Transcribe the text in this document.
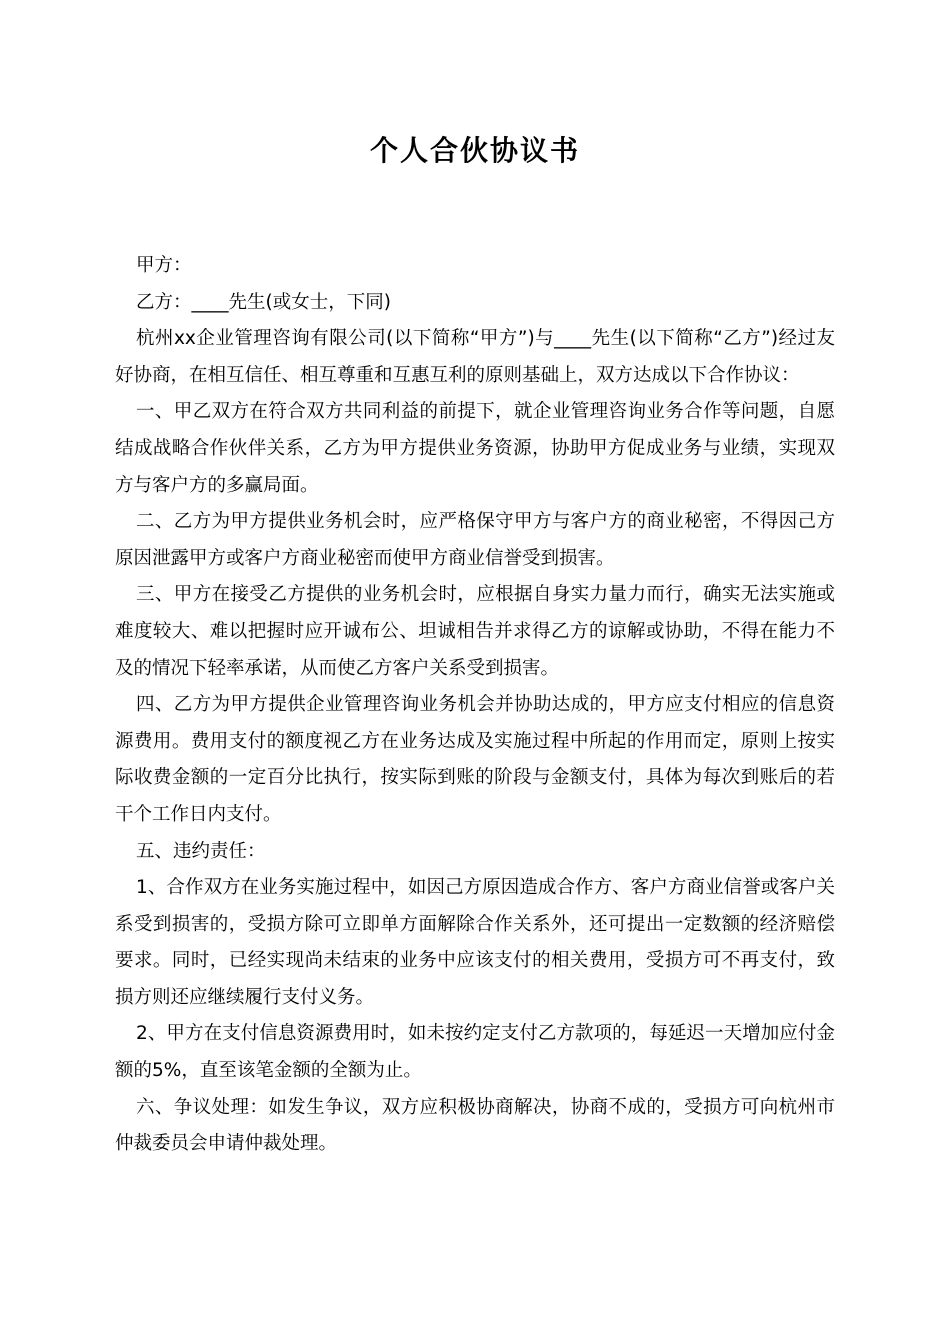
个人合伙协议书

甲方：

乙方：____先生(或女士，下同)

杭州xx企业管理咨询有限公司(以下简称“甲方”)与____先生(以下简称“乙方”)经过友好协商，在相互信任、相互尊重和互惠互利的原则基础上，双方达成以下合作协议：

一、甲乙双方在符合双方共同利益的前提下，就企业管理咨询业务合作等问题，自愿结成战略合作伙伴关系，乙方为甲方提供业务资源，协助甲方促成业务与业绩，实现双方与客户方的多赢局面。

二、乙方为甲方提供业务机会时，应严格保守甲方与客户方的商业秘密，不得因己方原因泄露甲方或客户方商业秘密而使甲方商业信誉受到损害。

三、甲方在接受乙方提供的业务机会时，应根据自身实力量力而行，确实无法实施或难度较大、难以把握时应开诚布公、坦诚相告并求得乙方的谅解或协助，不得在能力不及的情况下轻率承诺，从而使乙方客户关系受到损害。

四、乙方为甲方提供企业管理咨询业务机会并协助达成的，甲方应支付相应的信息资源费用。费用支付的额度视乙方在业务达成及实施过程中所起的作用而定，原则上按实际收费金额的一定百分比执行，按实际到账的阶段与金额支付，具体为每次到账后的若干个工作日内支付。

五、违约责任：

1、合作双方在业务实施过程中，如因己方原因造成合作方、客户方商业信誉或客户关系受到损害的，受损方除可立即单方面解除合作关系外，还可提出一定数额的经济赔偿要求。同时，已经实现尚未结束的业务中应该支付的相关费用，受损方可不再支付，致损方则还应继续履行支付义务。

2、甲方在支付信息资源费用时，如未按约定支付乙方款项的，每延迟一天增加应付金额的5%，直至该笔金额的全额为止。

六、争议处理：如发生争议，双方应积极协商解决，协商不成的，受损方可向杭州市仲裁委员会申请仲裁处理。
